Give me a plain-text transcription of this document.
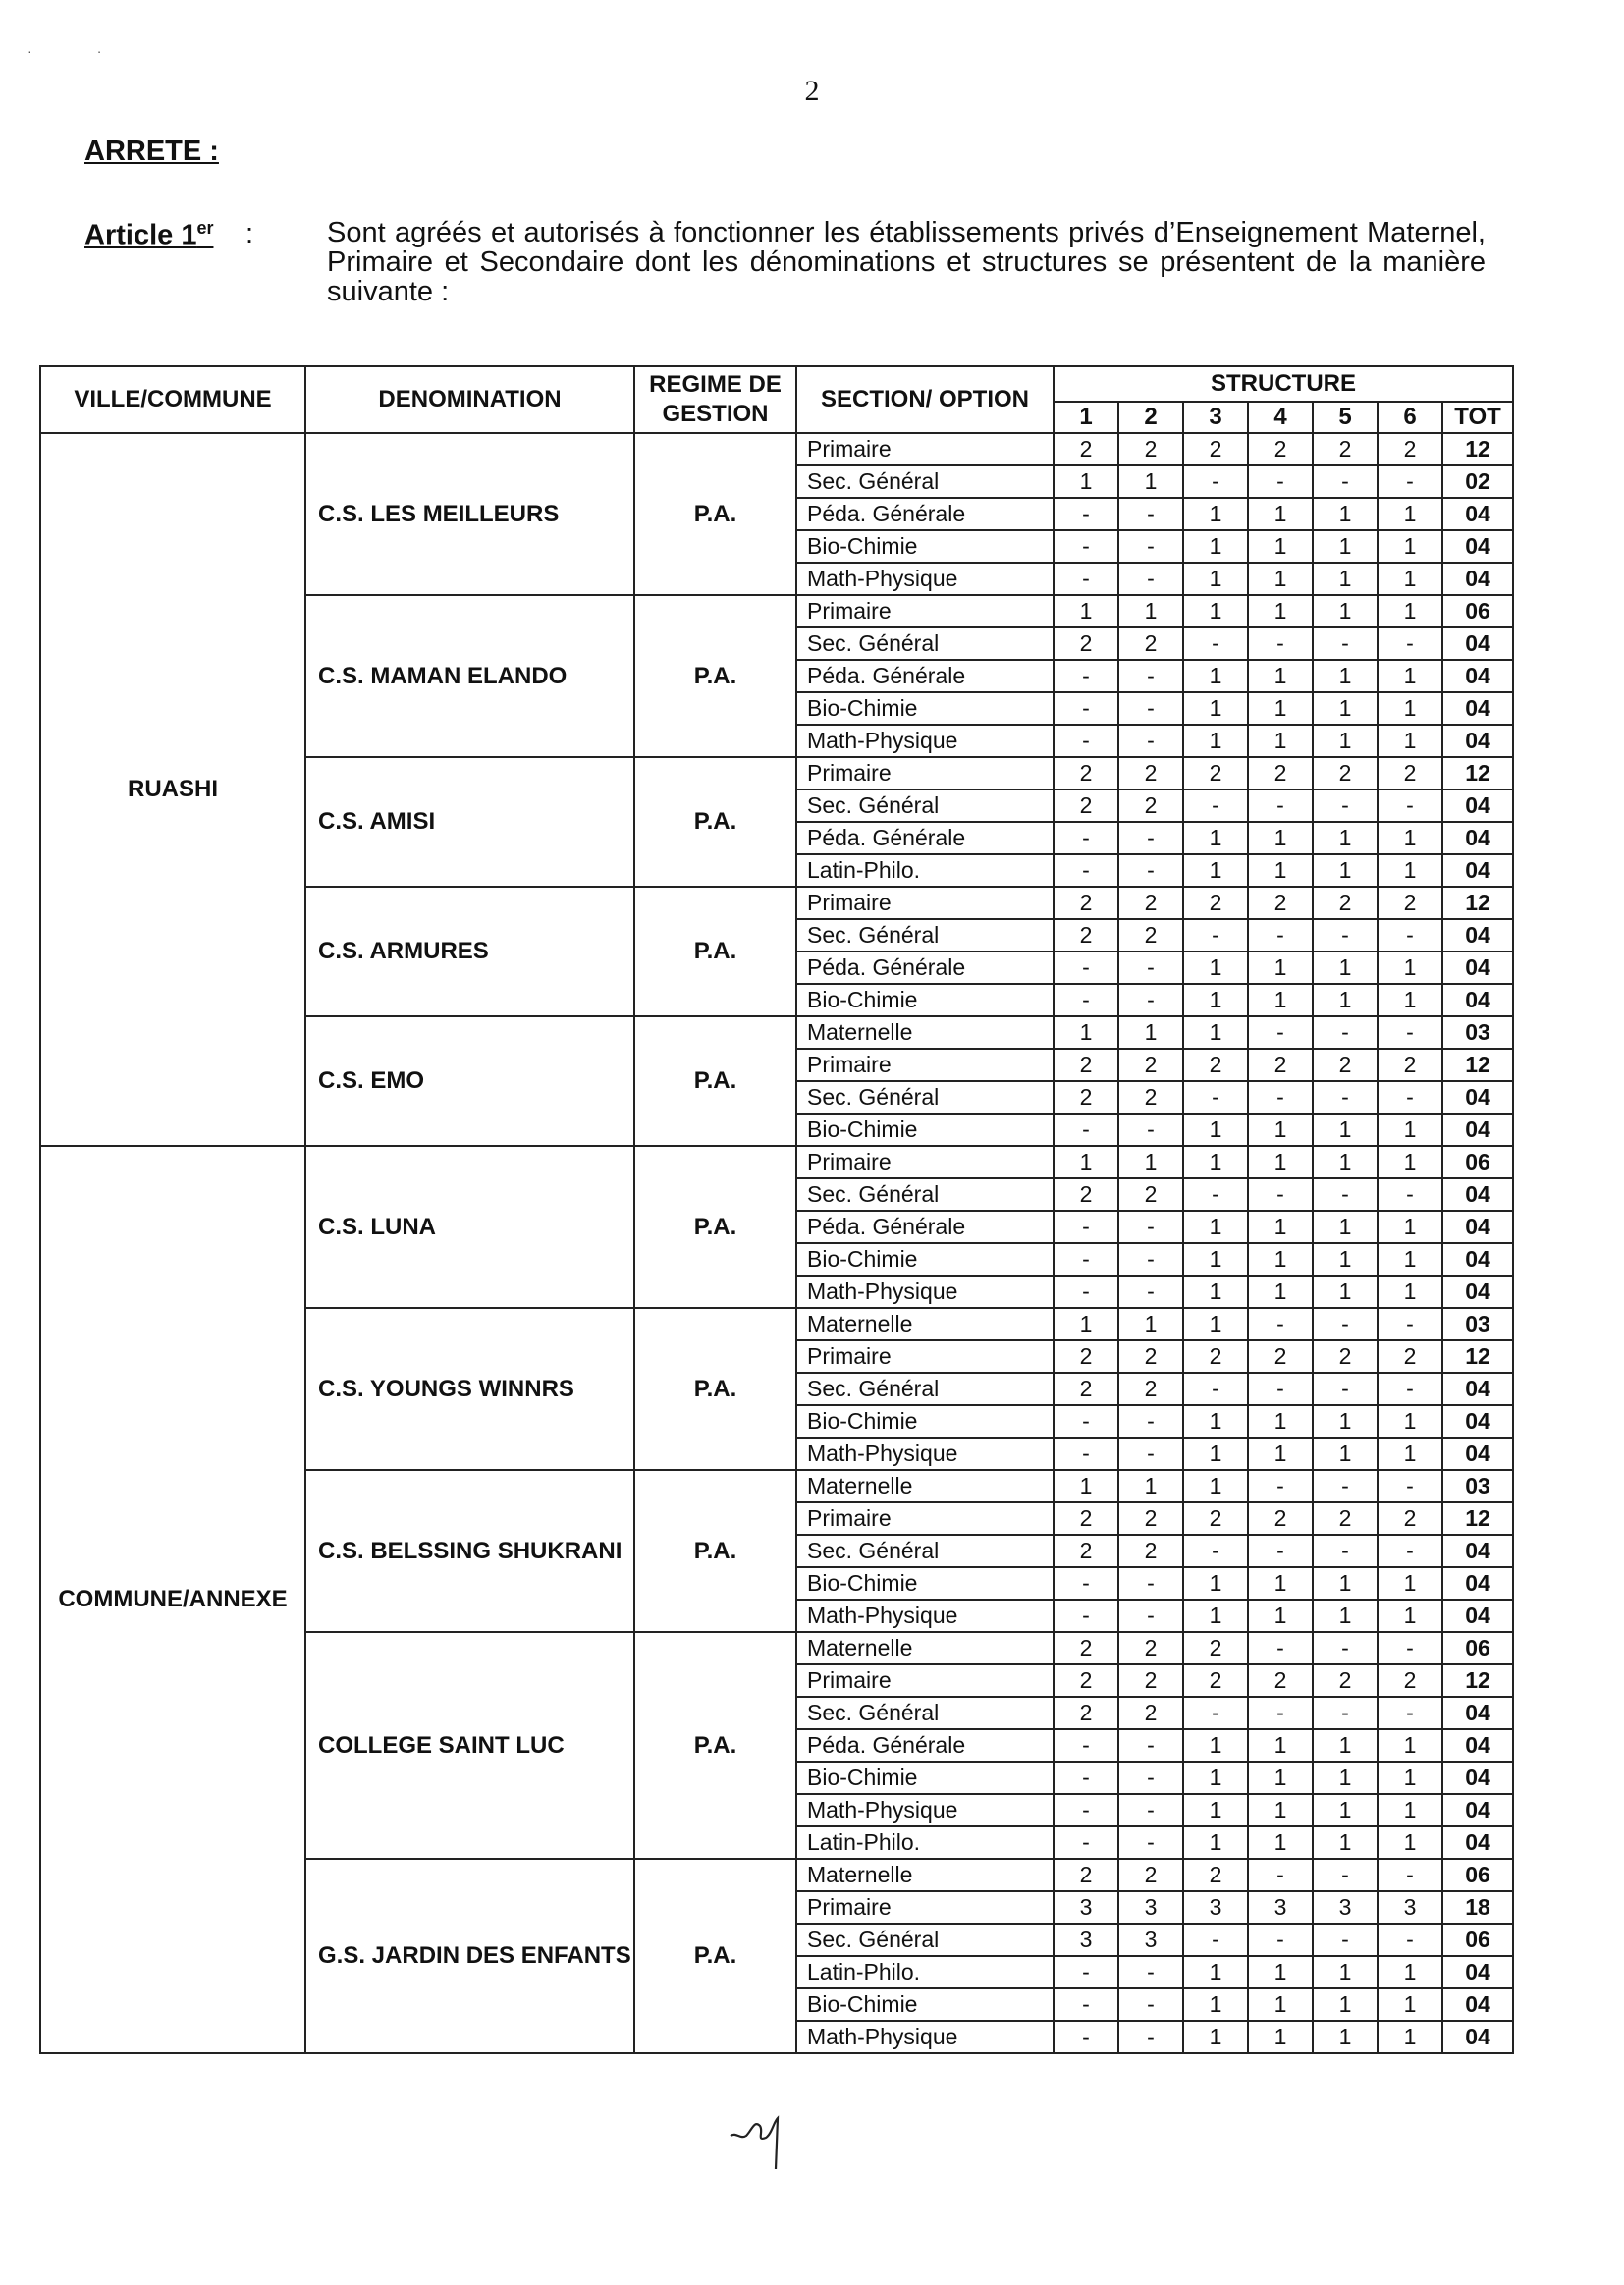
·                 ·
2
ARRETE :
Article 1er :	Sont agréés et autorisés à fonctionner les établissements privés d’Enseignement Maternel, Primaire et Secondaire dont les dénominations et structures se présentent de la manière suivante :
VILLE/COMMUNE	DENOMINATION	REGIME DE GESTION	SECTION/ OPTION	STRUCTURE						
				1	2	3	4	5	6	TOT
RUASHI	C.S. LES MEILLEURS	P.A.	Primaire	2	2	2	2	2	2	12
			Sec. Général	1	1	-	-	-	-	02
			Péda. Générale	-	-	1	1	1	1	04
			Bio-Chimie	-	-	1	1	1	1	04
			Math-Physique	-	-	1	1	1	1	04
	C.S. MAMAN ELANDO	P.A.	Primaire	1	1	1	1	1	1	06
			Sec. Général	2	2	-	-	-	-	04
			Péda. Générale	-	-	1	1	1	1	04
			Bio-Chimie	-	-	1	1	1	1	04
			Math-Physique	-	-	1	1	1	1	04
	C.S. AMISI	P.A.	Primaire	2	2	2	2	2	2	12
			Sec. Général	2	2	-	-	-	-	04
			Péda. Générale	-	-	1	1	1	1	04
			Latin-Philo.	-	-	1	1	1	1	04
	C.S. ARMURES	P.A.	Primaire	2	2	2	2	2	2	12
			Sec. Général	2	2	-	-	-	-	04
			Péda. Générale	-	-	1	1	1	1	04
			Bio-Chimie	-	-	1	1	1	1	04
	C.S. EMO	P.A.	Maternelle	1	1	1	-	-	-	03
			Primaire	2	2	2	2	2	2	12
			Sec. Général	2	2	-	-	-	-	04
			Bio-Chimie	-	-	1	1	1	1	04
COMMUNE/ANNEXE	C.S. LUNA	P.A.	Primaire	1	1	1	1	1	1	06
			Sec. Général	2	2	-	-	-	-	04
			Péda. Générale	-	-	1	1	1	1	04
			Bio-Chimie	-	-	1	1	1	1	04
			Math-Physique	-	-	1	1	1	1	04
	C.S. YOUNGS WINNRS	P.A.	Maternelle	1	1	1	-	-	-	03
			Primaire	2	2	2	2	2	2	12
			Sec. Général	2	2	-	-	-	-	04
			Bio-Chimie	-	-	1	1	1	1	04
			Math-Physique	-	-	1	1	1	1	04
	C.S. BELSSING SHUKRANI	P.A.	Maternelle	1	1	1	-	-	-	03
			Primaire	2	2	2	2	2	2	12
			Sec. Général	2	2	-	-	-	-	04
			Bio-Chimie	-	-	1	1	1	1	04
			Math-Physique	-	-	1	1	1	1	04
	COLLEGE SAINT LUC	P.A.	Maternelle	2	2	2	-	-	-	06
			Primaire	2	2	2	2	2	2	12
			Sec. Général	2	2	-	-	-	-	04
			Péda. Générale	-	-	1	1	1	1	04
			Bio-Chimie	-	-	1	1	1	1	04
			Math-Physique	-	-	1	1	1	1	04
			Latin-Philo.	-	-	1	1	1	1	04
	G.S. JARDIN DES ENFANTS	P.A.	Maternelle	2	2	2	-	-	-	06
			Primaire	3	3	3	3	3	3	18
			Sec. Général	3	3	-	-	-	-	06
			Latin-Philo.	-	-	1	1	1	1	04
			Bio-Chimie	-	-	1	1	1	1	04
			Math-Physique	-	-	1	1	1	1	04
